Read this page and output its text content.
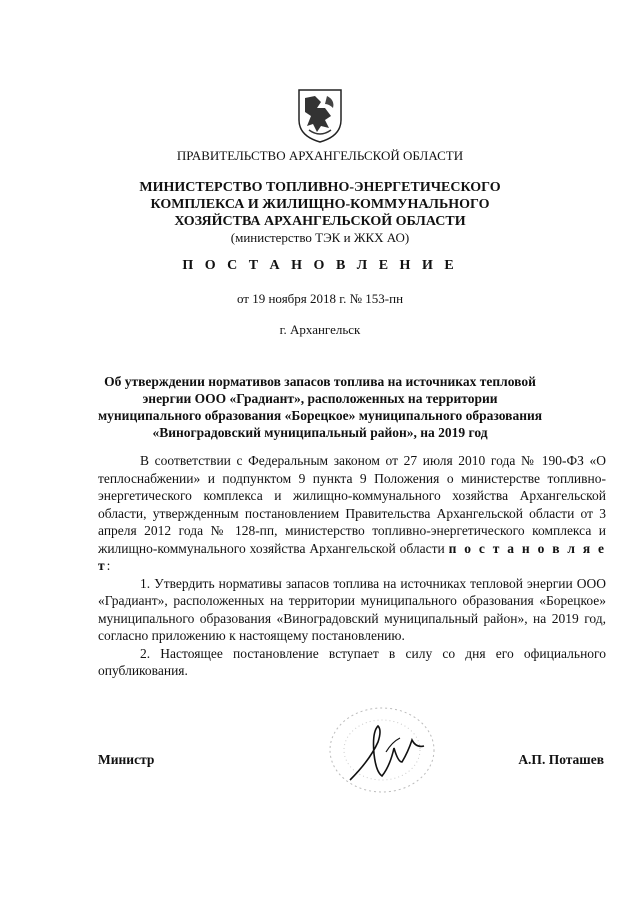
ПРАВИТЕЛЬСТВО АРХАНГЕЛЬСКОЙ ОБЛАСТИ
МИНИСТЕРСТВО ТОПЛИВНО-ЭНЕРГЕТИЧЕСКОГО
КОМПЛЕКСА И ЖИЛИЩНО-КОММУНАЛЬНОГО
ХОЗЯЙСТВА АРХАНГЕЛЬСКОЙ ОБЛАСТИ
(министерство ТЭК и ЖКХ АО)
П О С Т А Н О В Л Е Н И Е
от 19 ноября 2018 г. № 153-пн
г. Архангельск
Об утверждении нормативов запасов топлива на источниках тепловой
энергии ООО «Градиант», расположенных на территории
муниципального образования «Борецкое» муниципального образования
«Виноградовский муниципальный район», на 2019 год

В соответствии с Федеральным законом от 27 июля 2010 года № 190-ФЗ «О теплоснабжении» и подпунктом 9 пункта 9 Положения о министерстве топливно-энергетического комплекса и жилищно-коммунального хозяйства Архангельской области, утвержденным постановлением Правительства Архангельской области от 3 апреля 2012 года № 128-пп, министерство топливно-энергетического комплекса и жилищно-коммунального хозяйства Архангельской области п о с т а н о в л я е т:

1. Утвердить нормативы запасов топлива на источниках тепловой энергии ООО «Градиант», расположенных на территории муниципального образования «Борецкое» муниципального образования «Виноградовский муниципальный район», на 2019 год, согласно приложению к настоящему постановлению.

2. Настоящее постановление вступает в силу со дня его официального опубликования.

Министр	А.П. Поташев
